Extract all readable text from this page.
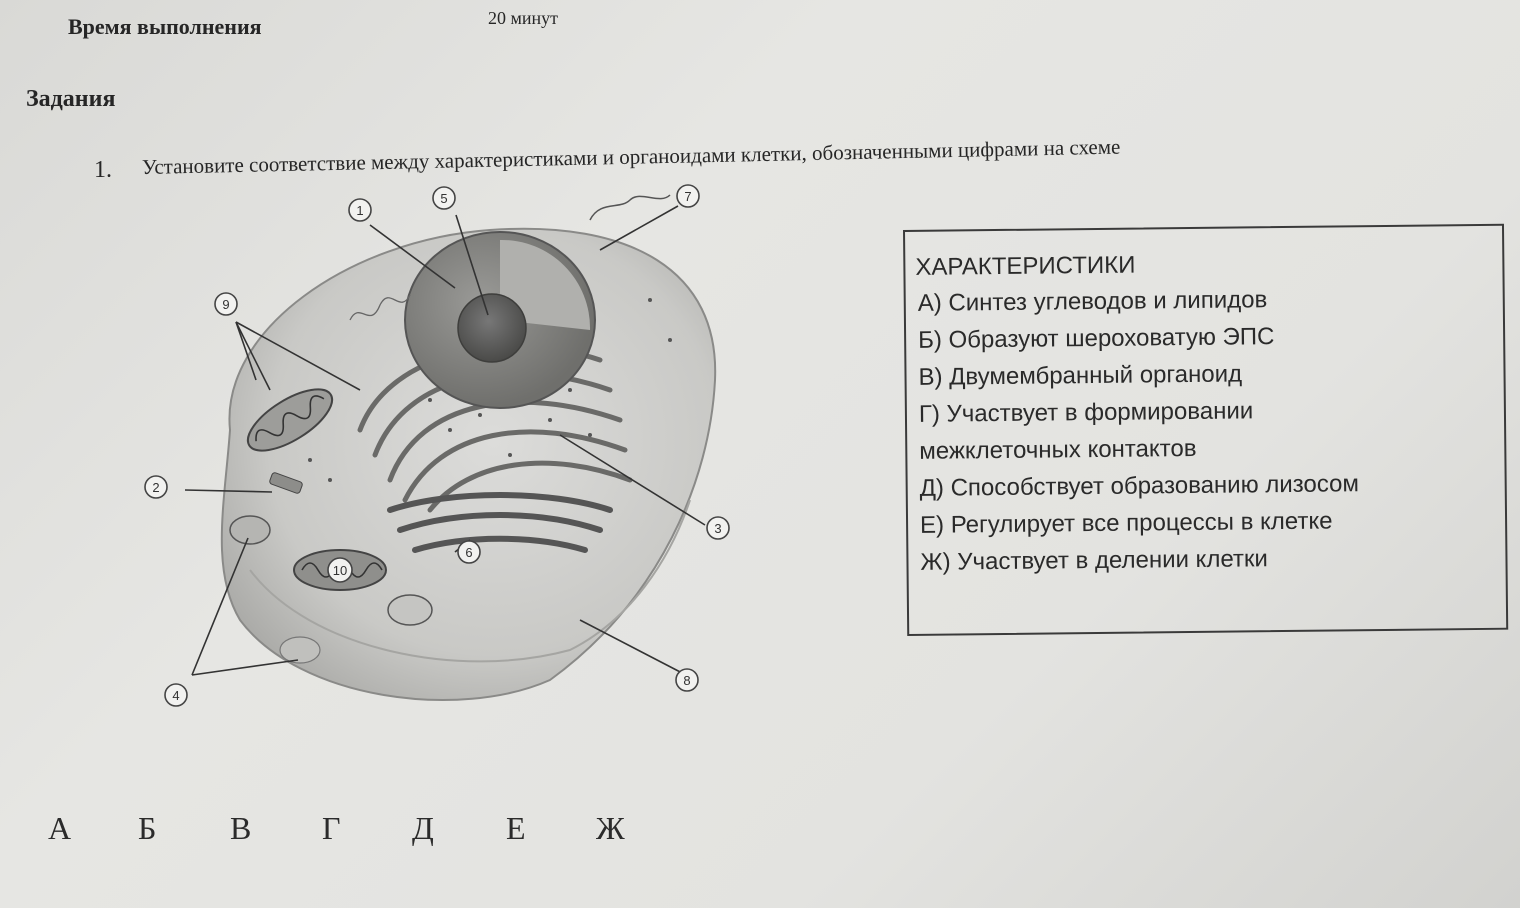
Время выполнения	20 минут
Задания
1. Установите соответствие между характеристиками и органоидами клетки, обозначенными цифрами на схеме
1
2
3
4
5
6
7
8
9
10
ХАРАКТЕРИСТИКИ
А) Синтез углеводов и липидов
Б) Образуют шероховатую ЭПС
В) Двумембранный органоид
Г) Участвует в формировании
межклеточных контактов
Д) Способствует образованию лизосом
Е) Регулирует все процессы в клетке
Ж) Участвует в делении клетки
А Б В Г Д Е Ж
